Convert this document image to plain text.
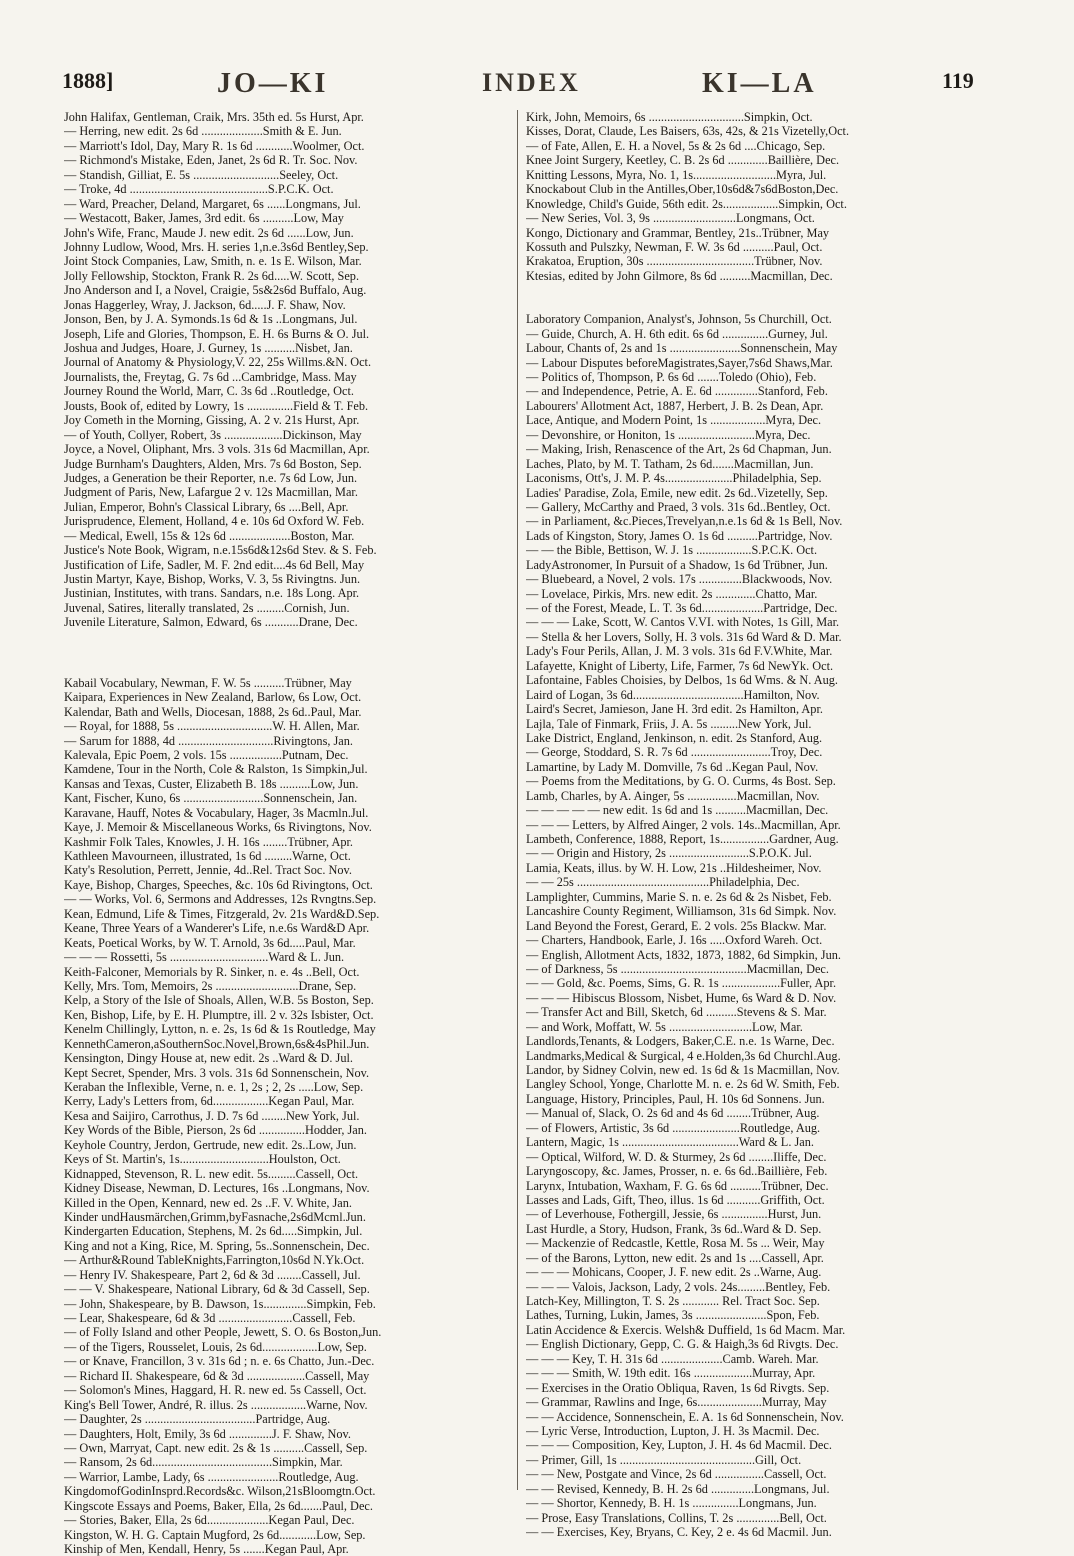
1888]	JO—KI	INDEX	KI—LA	119
John Halifax, Gentleman, Craik, Mrs. 35th ed. 5s Hurst, Apr.
— Herring, new edit. 2s 6d ....................Smith & E. Jun.
— Marriott's Idol, Day, Mary R. 1s 6d ............Woolmer, Oct.
— Richmond's Mistake, Eden, Janet, 2s 6d R. Tr. Soc. Nov.
— Standish, Gilliat, E. 5s ............................Seeley, Oct.
— Troke, 4d .............................................S.P.C.K. Oct.
— Ward, Preacher, Deland, Margaret, 6s ......Longmans, Jul.
— Westacott, Baker, James, 3rd edit. 6s ..........Low, May
John's Wife, Franc, Maude J. new edit. 2s 6d ......Low, Jun.
Johnny Ludlow, Wood, Mrs. H. series 1,n.e.3s6d Bentley,Sep.
Joint Stock Companies, Law, Smith, n. e. 1s E. Wilson, Mar.
Jolly Fellowship, Stockton, Frank R. 2s 6d.....W. Scott, Sep.
Jno Anderson and I, a Novel, Craigie, 5s&2s6d Buffalo, Aug.
Jonas Haggerley, Wray, J. Jackson, 6d.....J. F. Shaw, Nov.
Jonson, Ben, by J. A. Symonds.1s 6d & 1s ..Longmans, Jul.
Joseph, Life and Glories, Thompson, E. H. 6s Burns & O. Jul.
Joshua and Judges, Hoare, J. Gurney, 1s ..........Nisbet, Jan.
Journal of Anatomy & Physiology,V. 22, 25s Willms.&N. Oct.
Journalists, the, Freytag, G. 7s 6d ...Cambridge, Mass. May
Journey Round the World, Marr, C. 3s 6d ..Routledge, Oct.
Jousts, Book of, edited by Lowry, 1s ...............Field & T. Feb.
Joy Cometh in the Morning, Gissing, A. 2 v. 21s Hurst, Apr.
— of Youth, Collyer, Robert, 3s ...................Dickinson, May
Joyce, a Novel, Oliphant, Mrs. 3 vols. 31s 6d Macmillan, Apr.
Judge Burnham's Daughters, Alden, Mrs. 7s 6d Boston, Sep.
Judges, a Generation be their Reporter, n.e. 7s 6d Low, Jun.
Judgment of Paris, New, Lafargue 2 v. 12s Macmillan, Mar.
Julian, Emperor, Bohn's Classical Library, 6s ....Bell, Apr.
Jurisprudence, Element, Holland, 4 e. 10s 6d Oxford W. Feb.
— Medical, Ewell, 15s & 12s 6d ....................Boston, Mar.
Justice's Note Book, Wigram, n.e.15s6d&12s6d Stev. & S. Feb.
Justification of Life, Sadler, M. F. 2nd edit....4s 6d Bell, May
Justin Martyr, Kaye, Bishop, Works, V. 3, 5s Rivingtns. Jun.
Justinian, Institutes, with trans. Sandars, n.e. 18s Long. Apr.
Juvenal, Satires, literally translated, 2s .........Cornish, Jun.
Juvenile Literature, Salmon, Edward, 6s ...........Drane, Dec.
Kabail Vocabulary, Newman, F. W. 5s ..........Trübner, May
Kaipara, Experiences in New Zealand, Barlow, 6s Low, Oct.
Kalendar, Bath and Wells, Diocesan, 1888, 2s 6d..Paul, Mar.
— Royal, for 1888, 5s ...............................W. H. Allen, Mar.
— Sarum for 1888, 4d ...............................Rivingtons, Jan.
Kalevala, Epic Poem, 2 vols. 15s .................Putnam, Dec.
Kamdene, Tour in the North, Cole & Ralston, 1s Simpkin,Jul.
Kansas and Texas, Custer, Elizabeth B. 18s ..........Low, Jun.
Kant, Fischer, Kuno, 6s ..........................Sonnenschein, Jan.
Karavane, Hauff, Notes & Vocabulary, Hager, 3s Macmln.Jul.
Kaye, J. Memoir & Miscellaneous Works, 6s Rivingtons, Nov.
Kashmir Folk Tales, Knowles, J. H. 16s ........Trübner, Apr.
Kathleen Mavourneen, illustrated, 1s 6d .........Warne, Oct.
Katy's Resolution, Perrett, Jennie, 4d..Rel. Tract Soc. Nov.
Kaye, Bishop, Charges, Speeches, &c. 10s 6d Rivingtons, Oct.
— — Works, Vol. 6, Sermons and Addresses, 12s Rvngtns.Sep.
Kean, Edmund, Life & Times, Fitzgerald, 2v. 21s Ward&D.Sep.
Keane, Three Years of a Wanderer's Life, n.e.6s Ward&D Apr.
Keats, Poetical Works, by W. T. Arnold, 3s 6d.....Paul, Mar.
— — — Rossetti, 5s ................................Ward & L. Jun.
Keith-Falconer, Memorials by R. Sinker, n. e. 4s ..Bell, Oct.
Kelly, Mrs. Tom, Memoirs, 2s ...........................Drane, Sep.
Kelp, a Story of the Isle of Shoals, Allen, W.B. 5s Boston, Sep.
Ken, Bishop, Life, by E. H. Plumptre, ill. 2 v. 32s Isbister, Oct.
Kenelm Chillingly, Lytton, n. e. 2s, 1s 6d & 1s Routledge, May
KennethCameron,aSouthernSoc.Novel,Brown,6s&4sPhil.Jun.
Kensington, Dingy House at, new edit. 2s ..Ward & D. Jul.
Kept Secret, Spender, Mrs. 3 vols. 31s 6d Sonnenschein, Nov.
Keraban the Inflexible, Verne, n. e. 1, 2s ; 2, 2s .....Low, Sep.
Kerry, Lady's Letters from, 6d..................Kegan Paul, Mar.
Kesa and Saijiro, Carrothus, J. D. 7s 6d ........New York, Jul.
Key Words of the Bible, Pierson, 2s 6d ...............Hodder, Jan.
Keyhole Country, Jerdon, Gertrude, new edit. 2s..Low, Jun.
Keys of St. Martin's, 1s.............................Houlston, Oct.
Kidnapped, Stevenson, R. L. new edit. 5s.........Cassell, Oct.
Kidney Disease, Newman, D. Lectures, 16s ..Longmans, Nov.
Killed in the Open, Kennard, new ed. 2s ..F. V. White, Jan.
Kinder undHausmärchen,Grimm,byFasnache,2s6dMcml.Jun.
Kindergarten Education, Stephens, M. 2s 6d.....Simpkin, Jul.
King and not a King, Rice, M. Spring, 5s..Sonnenschein, Dec.
— Arthur&Round TableKnights,Farrington,10s6d N.Yk.Oct.
— Henry IV. Shakespeare, Part 2, 6d & 3d ........Cassell, Jul.
— — V. Shakespeare, National Library, 6d & 3d Cassell, Sep.
— John, Shakespeare, by B. Dawson, 1s..............Simpkin, Feb.
— Lear, Shakespeare, 6d & 3d ........................Cassell, Feb.
— of Folly Island and other People, Jewett, S. O. 6s Boston,Jun.
— of the Tigers, Rousselet, Louis, 2s 6d..................Low, Sep.
— or Knave, Francillon, 3 v. 31s 6d ; n. e. 6s Chatto, Jun.-Dec.
— Richard II. Shakespeare, 6d & 3d ...................Cassell, May
— Solomon's Mines, Haggard, H. R. new ed. 5s Cassell, Oct.
King's Bell Tower, André, R. illus. 2s ..................Warne, Nov.
— Daughter, 2s ....................................Partridge, Aug.
— Daughters, Holt, Emily, 3s 6d ..............J. F. Shaw, Nov.
— Own, Marryat, Capt. new edit. 2s & 1s ..........Cassell, Sep.
— Ransom, 2s 6d.......................................Simpkin, Mar.
— Warrior, Lambe, Lady, 6s .......................Routledge, Aug.
KingdomofGodinInsprd.Records&c. Wilson,21sBloomgtn.Oct.
Kingscote Essays and Poems, Baker, Ella, 2s 6d.......Paul, Dec.
— Stories, Baker, Ella, 2s 6d....................Kegan Paul, Dec.
Kingston, W. H. G. Captain Mugford, 2s 6d............Low, Sep.
Kinship of Men, Kendall, Henry, 5s .......Kegan Paul, Apr.
Kirk, John, Memoirs, 6s ...............................Simpkin, Oct.
Kisses, Dorat, Claude, Les Baisers, 63s, 42s, & 21s Vizetelly,Oct.
— of Fate, Allen, E. H. a Novel, 5s & 2s 6d ....Chicago, Sep.
Knee Joint Surgery, Keetley, C. B. 2s 6d .............Baillière, Dec.
Knitting Lessons, Myra, No. 1, 1s...........................Myra, Jul.
Knockabout Club in the Antilles,Ober,10s6d&7s6dBoston,Dec.
Knowledge, Child's Guide, 56th edit. 2s..................Simpkin, Oct.
— New Series, Vol. 3, 9s ...........................Longmans, Oct.
Kongo, Dictionary and Grammar, Bentley, 21s..Trübner, May
Kossuth and Pulszky, Newman, F. W. 3s 6d ..........Paul, Oct.
Krakatoa, Eruption, 30s ...................................Trübner, Nov.
Ktesias, edited by John Gilmore, 8s 6d ..........Macmillan, Dec.
Laboratory Companion, Analyst's, Johnson, 5s Churchill, Oct.
— Guide, Church, A. H. 6th edit. 6s 6d ...............Gurney, Jul.
Labour, Chants of, 2s and 1s .......................Sonnenschein, May
— Labour Disputes beforeMagistrates,Sayer,7s6d Shaws,Mar.
— Politics of, Thompson, P. 6s 6d .......Toledo (Ohio), Feb.
— and Independence, Petrie, A. E. 6d ..............Stanford, Feb.
Labourers' Allotment Act, 1887, Herbert, J. B. 2s Dean, Apr.
Lace, Antique, and Modern Point, 1s ..................Myra, Dec.
— Devonshire, or Honiton, 1s .........................Myra, Dec.
— Making, Irish, Renascence of the Art, 2s 6d Chapman, Jun.
Laches, Plato, by M. T. Tatham, 2s 6d.......Macmillan, Jun.
Laconisms, Ott's, J. M. P. 4s......................Philadelphia, Sep.
Ladies' Paradise, Zola, Emile, new edit. 2s 6d..Vizetelly, Sep.
— Gallery, McCarthy and Praed, 3 vols. 31s 6d..Bentley, Oct.
— in Parliament, &c.Pieces,Trevelyan,n.e.1s 6d & 1s Bell, Nov.
Lads of Kingston, Story, James O. 1s 6d ..........Partridge, Nov.
— — the Bible, Bettison, W. J. 1s ..................S.P.C.K. Oct.
LadyAstronomer, In Pursuit of a Shadow, 1s 6d Trübner, Jun.
— Bluebeard, a Novel, 2 vols. 17s ..............Blackwoods, Nov.
— Lovelace, Pirkis, Mrs. new edit. 2s .............Chatto, Mar.
— of the Forest, Meade, L. T. 3s 6d....................Partridge, Dec.
— — — Lake, Scott, W. Cantos V.VI. with Notes, 1s Gill, Mar.
— Stella & her Lovers, Solly, H. 3 vols. 31s 6d Ward & D. Mar.
Lady's Four Perils, Allan, J. M. 3 vols. 31s 6d F.V.White, Mar.
Lafayette, Knight of Liberty, Life, Farmer, 7s 6d NewYk. Oct.
Lafontaine, Fables Choisies, by Delbos, 1s 6d Wms. & N. Aug.
Laird of Logan, 3s 6d....................................Hamilton, Nov.
Laird's Secret, Jamieson, Jane H. 3rd edit. 2s Hamilton, Apr.
Lajla, Tale of Finmark, Friis, J. A. 5s .........New York, Jul.
Lake District, England, Jenkinson, n. edit. 2s Stanford, Aug.
— George, Stoddard, S. R. 7s 6d ..........................Troy, Dec.
Lamartine, by Lady M. Domville, 7s 6d ..Kegan Paul, Nov.
— Poems from the Meditations, by G. O. Curms, 4s Bost. Sep.
Lamb, Charles, by A. Ainger, 5s ................Macmillan, Nov.
— — — — — new edit. 1s 6d and 1s ..........Macmillan, Dec.
— — — Letters, by Alfred Ainger, 2 vols. 14s..Macmillan, Apr.
Lambeth, Conference, 1888, Report, 1s................Gardner, Aug.
— — Origin and History, 2s ..........................S.P.O.K. Jul.
Lamia, Keats, illus. by W. H. Low, 21s ..Hildesheimer, Nov.
— — 25s ...........................................Philadelphia, Dec.
Lamplighter, Cummins, Marie S. n. e. 2s 6d & 2s Nisbet, Feb.
Lancashire County Regiment, Williamson, 31s 6d Simpk. Nov.
Land Beyond the Forest, Gerard, E. 2 vols. 25s Blackw. Mar.
— Charters, Handbook, Earle, J. 16s .....Oxford Wareh. Oct.
— English, Allotment Acts, 1832, 1873, 1882, 6d Simpkin, Jun.
— of Darkness, 5s .........................................Macmillan, Dec.
— — Gold, &c. Poems, Sims, G. R. 1s ...................Fuller, Apr.
— — — Hibiscus Blossom, Nisbet, Hume, 6s Ward & D. Nov.
— Transfer Act and Bill, Sketch, 6d ..........Stevens & S. Mar.
— and Work, Moffatt, W. 5s ...........................Low, Mar.
Landlords,Tenants, & Lodgers, Baker,C.E. n.e. 1s Warne, Dec.
Landmarks,Medical & Surgical, 4 e.Holden,3s 6d Churchl.Aug.
Landor, by Sidney Colvin, new ed. 1s 6d & 1s Macmillan, Nov.
Langley School, Yonge, Charlotte M. n. e. 2s 6d W. Smith, Feb.
Language, History, Principles, Paul, H. 10s 6d Sonnens. Jun.
— Manual of, Slack, O. 2s 6d and 4s 6d ........Trübner, Aug.
— of Flowers, Artistic, 3s 6d ......................Routledge, Aug.
Lantern, Magic, 1s ......................................Ward & L. Jan.
— Optical, Wilford, W. D. & Sturmey, 2s 6d ........Iliffe, Dec.
Laryngoscopy, &c. James, Prosser, n. e. 6s 6d..Baillière, Feb.
Larynx, Intubation, Waxham, F. G. 6s 6d ..........Trübner, Dec.
Lasses and Lads, Gift, Theo, illus. 1s 6d ...........Griffith, Oct.
— of Leverhouse, Fothergill, Jessie, 6s ...............Hurst, Jun.
Last Hurdle, a Story, Hudson, Frank, 3s 6d..Ward & D. Sep.
— Mackenzie of Redcastle, Kettle, Rosa M. 5s ... Weir, May
— of the Barons, Lytton, new edit. 2s and 1s ....Cassell, Apr.
— — — Mohicans, Cooper, J. F. new edit. 2s ..Warne, Aug.
— — — Valois, Jackson, Lady, 2 vols. 24s.........Bentley, Feb.
Latch-Key, Millington, T. S. 2s ............ Rel. Tract Soc. Sep.
Lathes, Turning, Lukin, James, 3s .......................Spon, Feb.
Latin Accidence & Exercis. Welsh& Duffield, 1s 6d Macm. Mar.
— English Dictionary, Gepp, C. G. & Haigh,3s 6d Rivgts. Dec.
— — — Key, T. H. 31s 6d ....................Camb. Wareh. Mar.
— — — Smith, W. 19th edit. 16s ...................Murray, Apr.
— Exercises in the Oratio Obliqua, Raven, 1s 6d Rivgts. Sep.
— Grammar, Rawlins and Inge, 6s.....................Murray, May
— — Accidence, Sonnenschein, E. A. 1s 6d Sonnenschein, Nov.
— Lyric Verse, Introduction, Lupton, J. H. 3s Macmil. Dec.
— — — Composition, Key, Lupton, J. H. 4s 6d Macmil. Dec.
— Primer, Gill, 1s ............................................Gill, Oct.
— — New, Postgate and Vince, 2s 6d ................Cassell, Oct.
— — Revised, Kennedy, B. H. 2s 6d ..............Longmans, Jul.
— — Shortor, Kennedy, B. H. 1s ...............Longmans, Jun.
— Prose, Easy Translations, Collins, T. 2s ..............Bell, Oct.
— — Exercises, Key, Bryans, C. Key, 2 e. 4s 6d Macmil. Jun.
